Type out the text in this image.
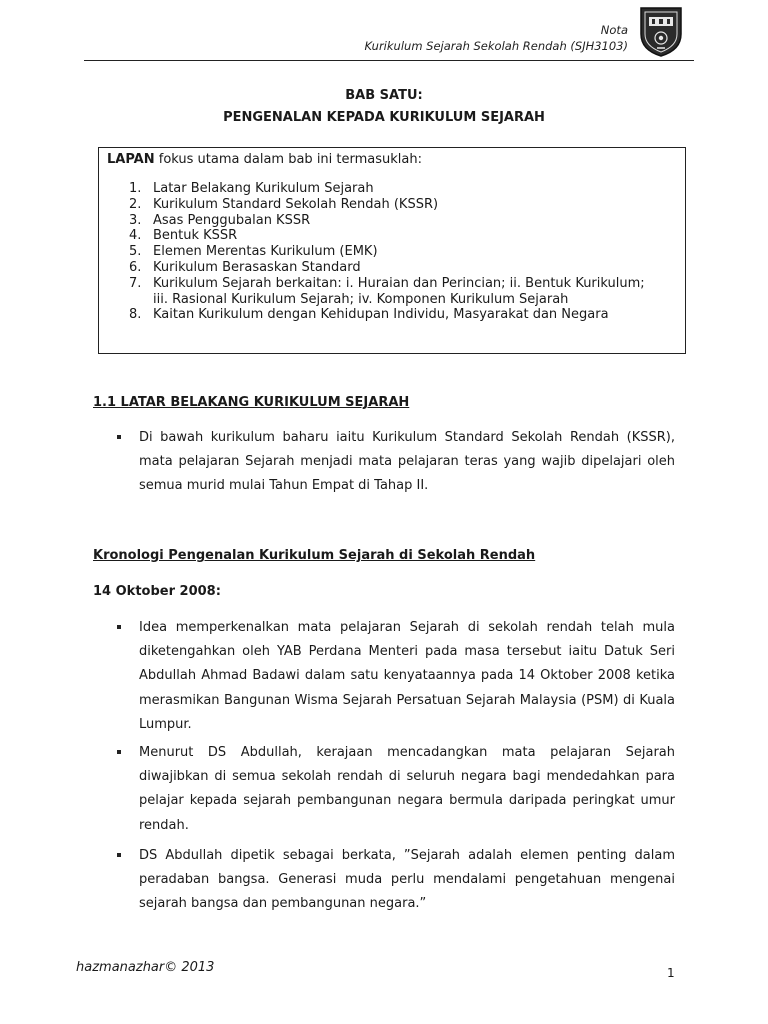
Nota
Kurikulum Sejarah Sekolah Rendah (SJH3103)
BAB SATU:
PENGENALAN KEPADA KURIKULUM SEJARAH
LAPAN fokus utama dalam bab ini termasuklah:
1. Latar Belakang Kurikulum Sejarah
2. Kurikulum Standard Sekolah Rendah (KSSR)
3. Asas Penggubalan KSSR
4. Bentuk KSSR
5. Elemen Merentas Kurikulum (EMK)
6. Kurikulum Berasaskan Standard
7. Kurikulum Sejarah berkaitan: i. Huraian dan Perincian; ii. Bentuk Kurikulum;
iii. Rasional Kurikulum Sejarah; iv. Komponen Kurikulum Sejarah
8. Kaitan Kurikulum dengan Kehidupan Individu, Masyarakat dan Negara
1.1 LATAR BELAKANG KURIKULUM SEJARAH
Di bawah kurikulum baharu iaitu Kurikulum Standard Sekolah Rendah (KSSR), mata pelajaran Sejarah menjadi mata pelajaran teras yang wajib dipelajari oleh semua murid mulai Tahun Empat di Tahap II.
Kronologi Pengenalan Kurikulum Sejarah di Sekolah Rendah
14 Oktober 2008:
Idea memperkenalkan mata pelajaran Sejarah di sekolah rendah telah mula diketengahkan oleh YAB Perdana Menteri pada masa tersebut iaitu Datuk Seri Abdullah Ahmad Badawi dalam satu kenyataannya pada 14 Oktober 2008 ketika merasmikan Bangunan Wisma Sejarah Persatuan Sejarah Malaysia (PSM) di Kuala Lumpur.
Menurut DS Abdullah, kerajaan mencadangkan mata pelajaran Sejarah diwajibkan di semua sekolah rendah di seluruh negara bagi mendedahkan para pelajar kepada sejarah pembangunan negara bermula daripada peringkat umur rendah.
DS Abdullah dipetik sebagai berkata, ”Sejarah adalah elemen penting dalam peradaban bangsa. Generasi muda perlu mendalami pengetahuan mengenai sejarah bangsa dan pembangunan negara.”
hazmanazhar© 2013	1
